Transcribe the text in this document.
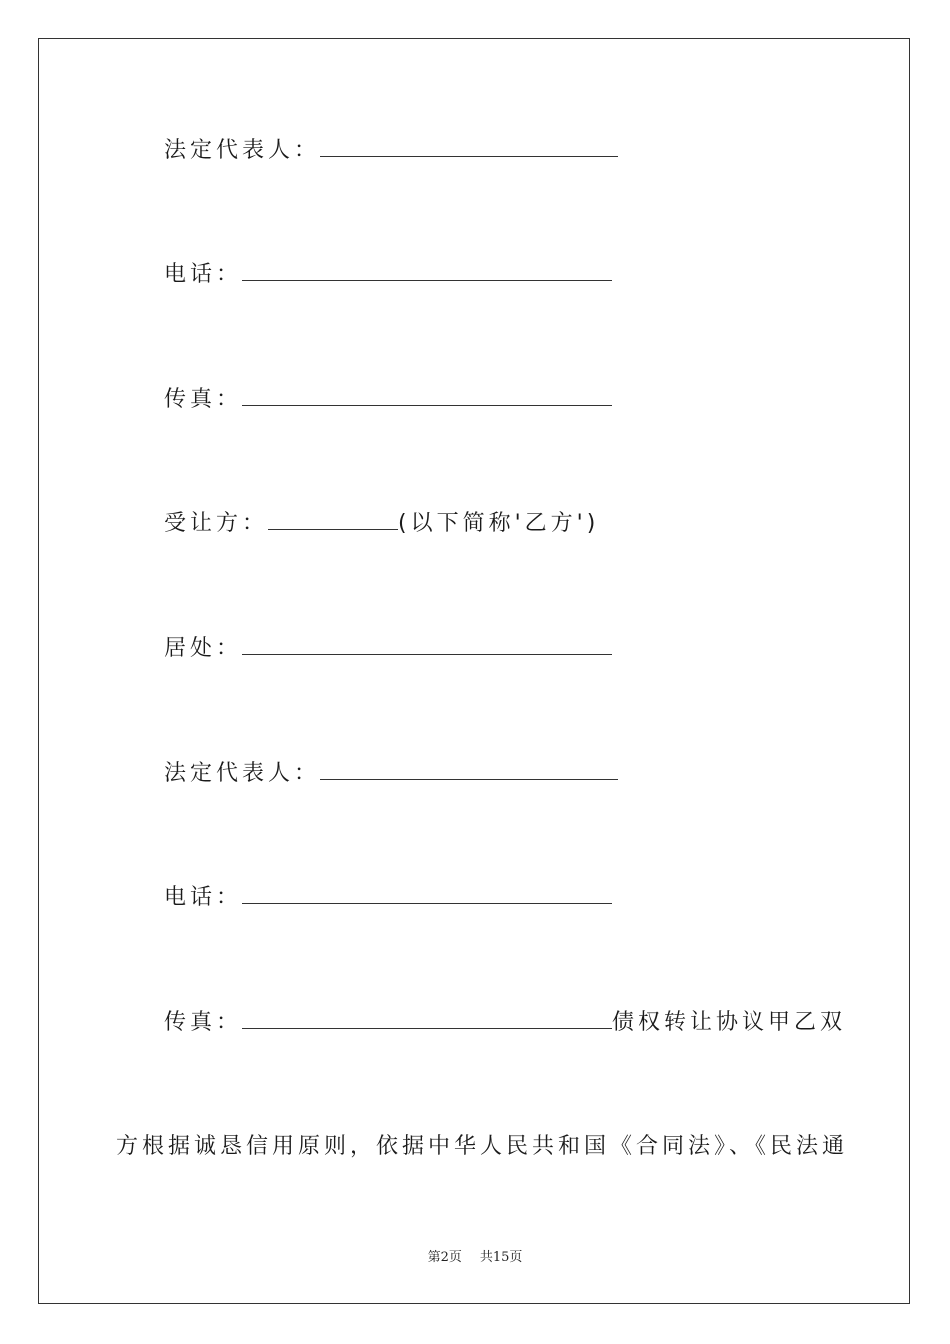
法定代表人：
电话：
传真：
受让方：	(以下简称'乙方')
居处：
法定代表人：
电话：
传真：	债权转让协议甲乙双
方根据诚恳信用原则，依据中华人民共和国《合同法》、《民法通
第2页 共15页
